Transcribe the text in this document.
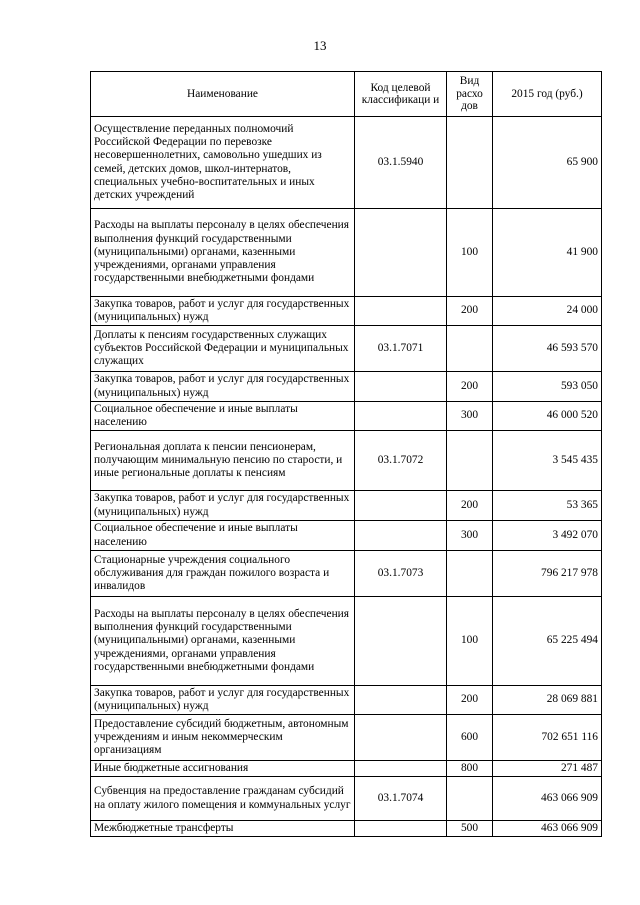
13
Наименование	Код целевой классификаци и	Вид расхо дов	2015 год (руб.)
Осуществление переданных полномочий Российской Федерации по перевозке несовершеннолетних, самовольно ушедших из семей, детских домов, школ-интернатов, специальных учебно-воспитательных и иных детских учреждений	03.1.5940		65 900
Расходы на выплаты персоналу в целях обеспечения выполнения функций государственными (муниципальными) органами, казенными учреждениями, органами управления государственными внебюджетными фондами		100	41 900
Закупка товаров, работ и услуг для государственных (муниципальных) нужд		200	24 000
Доплаты к пенсиям государственных служащих субъектов Российской Федерации и муниципальных служащих	03.1.7071		46 593 570
Закупка товаров, работ и услуг для государственных (муниципальных) нужд		200	593 050
Социальное обеспечение и иные выплаты населению		300	46 000 520
Региональная доплата к пенсии пенсионерам, получающим минимальную пенсию по старости, и иные региональные доплаты к пенсиям	03.1.7072		3 545 435
Закупка товаров, работ и услуг для государственных (муниципальных) нужд		200	53 365
Социальное обеспечение и иные выплаты населению		300	3 492 070
Стационарные учреждения социального обслуживания для граждан пожилого возраста и инвалидов	03.1.7073		796 217 978
Расходы на выплаты персоналу в целях обеспечения выполнения функций государственными (муниципальными) органами, казенными учреждениями, органами управления государственными внебюджетными фондами		100	65 225 494
Закупка товаров, работ и услуг для государственных (муниципальных) нужд		200	28 069 881
Предоставление субсидий бюджетным, автономным учреждениям и иным некоммерческим организациям		600	702 651 116
Иные бюджетные ассигнования		800	271 487
Субвенция на предоставление гражданам субсидий на оплату жилого помещения и коммунальных услуг	03.1.7074		463 066 909
Межбюджетные трансферты		500	463 066 909
